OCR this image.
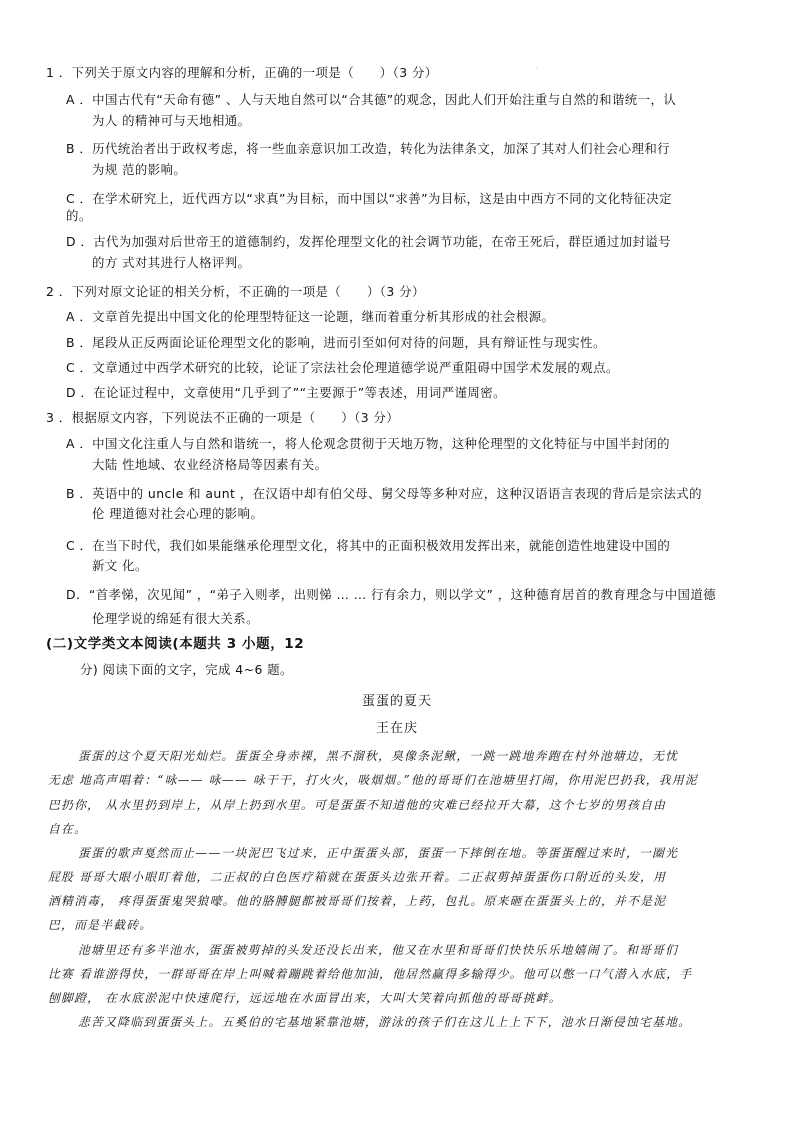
·
1 ．下列关于原文内容的理解和分析，正确的一项是（　　）（3 分）
A ．中国古代有“天命有德” 、人与天地自然可以“合其德”的观念，因此人们开始注重与自然的和谐统一，认
为人 的精神可与天地相通。
B ．历代统治者出于政权考虑，将一些血亲意识加工改造，转化为法律条文，加深了其对人们社会心理和行
为规 范的影响。
C ．在学术研究上，近代西方以“求真”为目标，而中国以“求善”为目标，这是由中西方不同的文化特征决定
的。
D ．古代为加强对后世帝王的道德制约，发挥伦理型文化的社会调节功能，在帝王死后，群臣通过加封谥号
的方 式对其进行人格评判。
2 ．下列对原文论证的相关分析，不正确的一项是（　　）（3 分）
A ．文章首先提出中国文化的伦理型特征这一论题，继而着重分析其形成的社会根源。
B ．尾段从正反两面论证伦理型文化的影响，进而引至如何对待的问题，具有辩证性与现实性。
C ．文章通过中西学术研究的比较，论证了宗法社会伦理道德学说严重阻碍中国学术发展的观点。
D ．在论证过程中，文章使用“几乎到了”“主要源于”等表述，用词严谨周密。
3 ．根据原文内容，下列说法不正确的一项是（　　）（3 分）
A ．中国文化注重人与自然和谐统一，将人伦观念贯彻于天地万物，这种伦理型的文化特征与中国半封闭的
大陆 性地域、农业经济格局等因素有关。
B ．英语中的 uncle 和 aunt ，在汉语中却有伯父母、舅父母等多种对应，这种汉语语言表现的背后是宗法式的
伦 理道德对社会心理的影响。
C ．在当下时代，我们如果能继承伦理型文化，将其中的正面积极效用发挥出来，就能创造性地建设中国的
新文 化。
D．“首孝悌，次见闻” ，“弟子入则孝，出则悌 … … 行有余力，则以学文” ，这种德育居首的教育理念与中国道德
伦理学说的绵延有很大关系。
(二)文学类文本阅读(本题共 3 小题，12
分) 阅读下面的文字，完成 4~6 题。
蛋蛋的夏天
王在庆
蛋蛋的这个夏天阳光灿烂。蛋蛋全身赤裸，黑不溜秋，臭像条泥鳅，一跳一跳地奔跑在村外池塘边，无忧
无虑 地高声唱着：“咏—— 咏—— 咏干干，打火火，吸烟烟。”他的哥哥们在池塘里打闹，你用泥巴扔我，我用泥
巴扔你， 从水里扔到岸上，从岸上扔到水里。可是蛋蛋不知道他的灾难已经拉开大幕，这个七岁的男孩自由
自在。
蛋蛋的歌声戛然而止——一块泥巴飞过来，正中蛋蛋头部，蛋蛋一下摔倒在地。等蛋蛋醒过来时，一圈光
屁股 哥哥大眼小眼盯着他，二正叔的白色医疗箱就在蛋蛋头边张开着。二正叔剪掉蛋蛋伤口附近的头发，用
酒精消毒， 疼得蛋蛋鬼哭狼嚎。他的胳膊腿都被哥哥们按着，上药，包扎。原来砸在蛋蛋头上的，并不是泥
巴，而是半截砖。
池塘里还有多半池水，蛋蛋被剪掉的头发还没长出来，他又在水里和哥哥们快快乐乐地嬉闹了。和哥哥们
比赛 看谁游得快，一群哥哥在岸上叫喊着蹦跳着给他加油，他居然赢得多输得少。他可以憋一口气潜入水底，手
刨脚蹬， 在水底淤泥中快速爬行，远远地在水面冒出来，大叫大笑着向抓他的哥哥挑衅。
悲苦又降临到蛋蛋头上。五奚伯的宅基地紧靠池塘，游泳的孩子们在这儿上上下下，池水日渐侵蚀宅基地。
